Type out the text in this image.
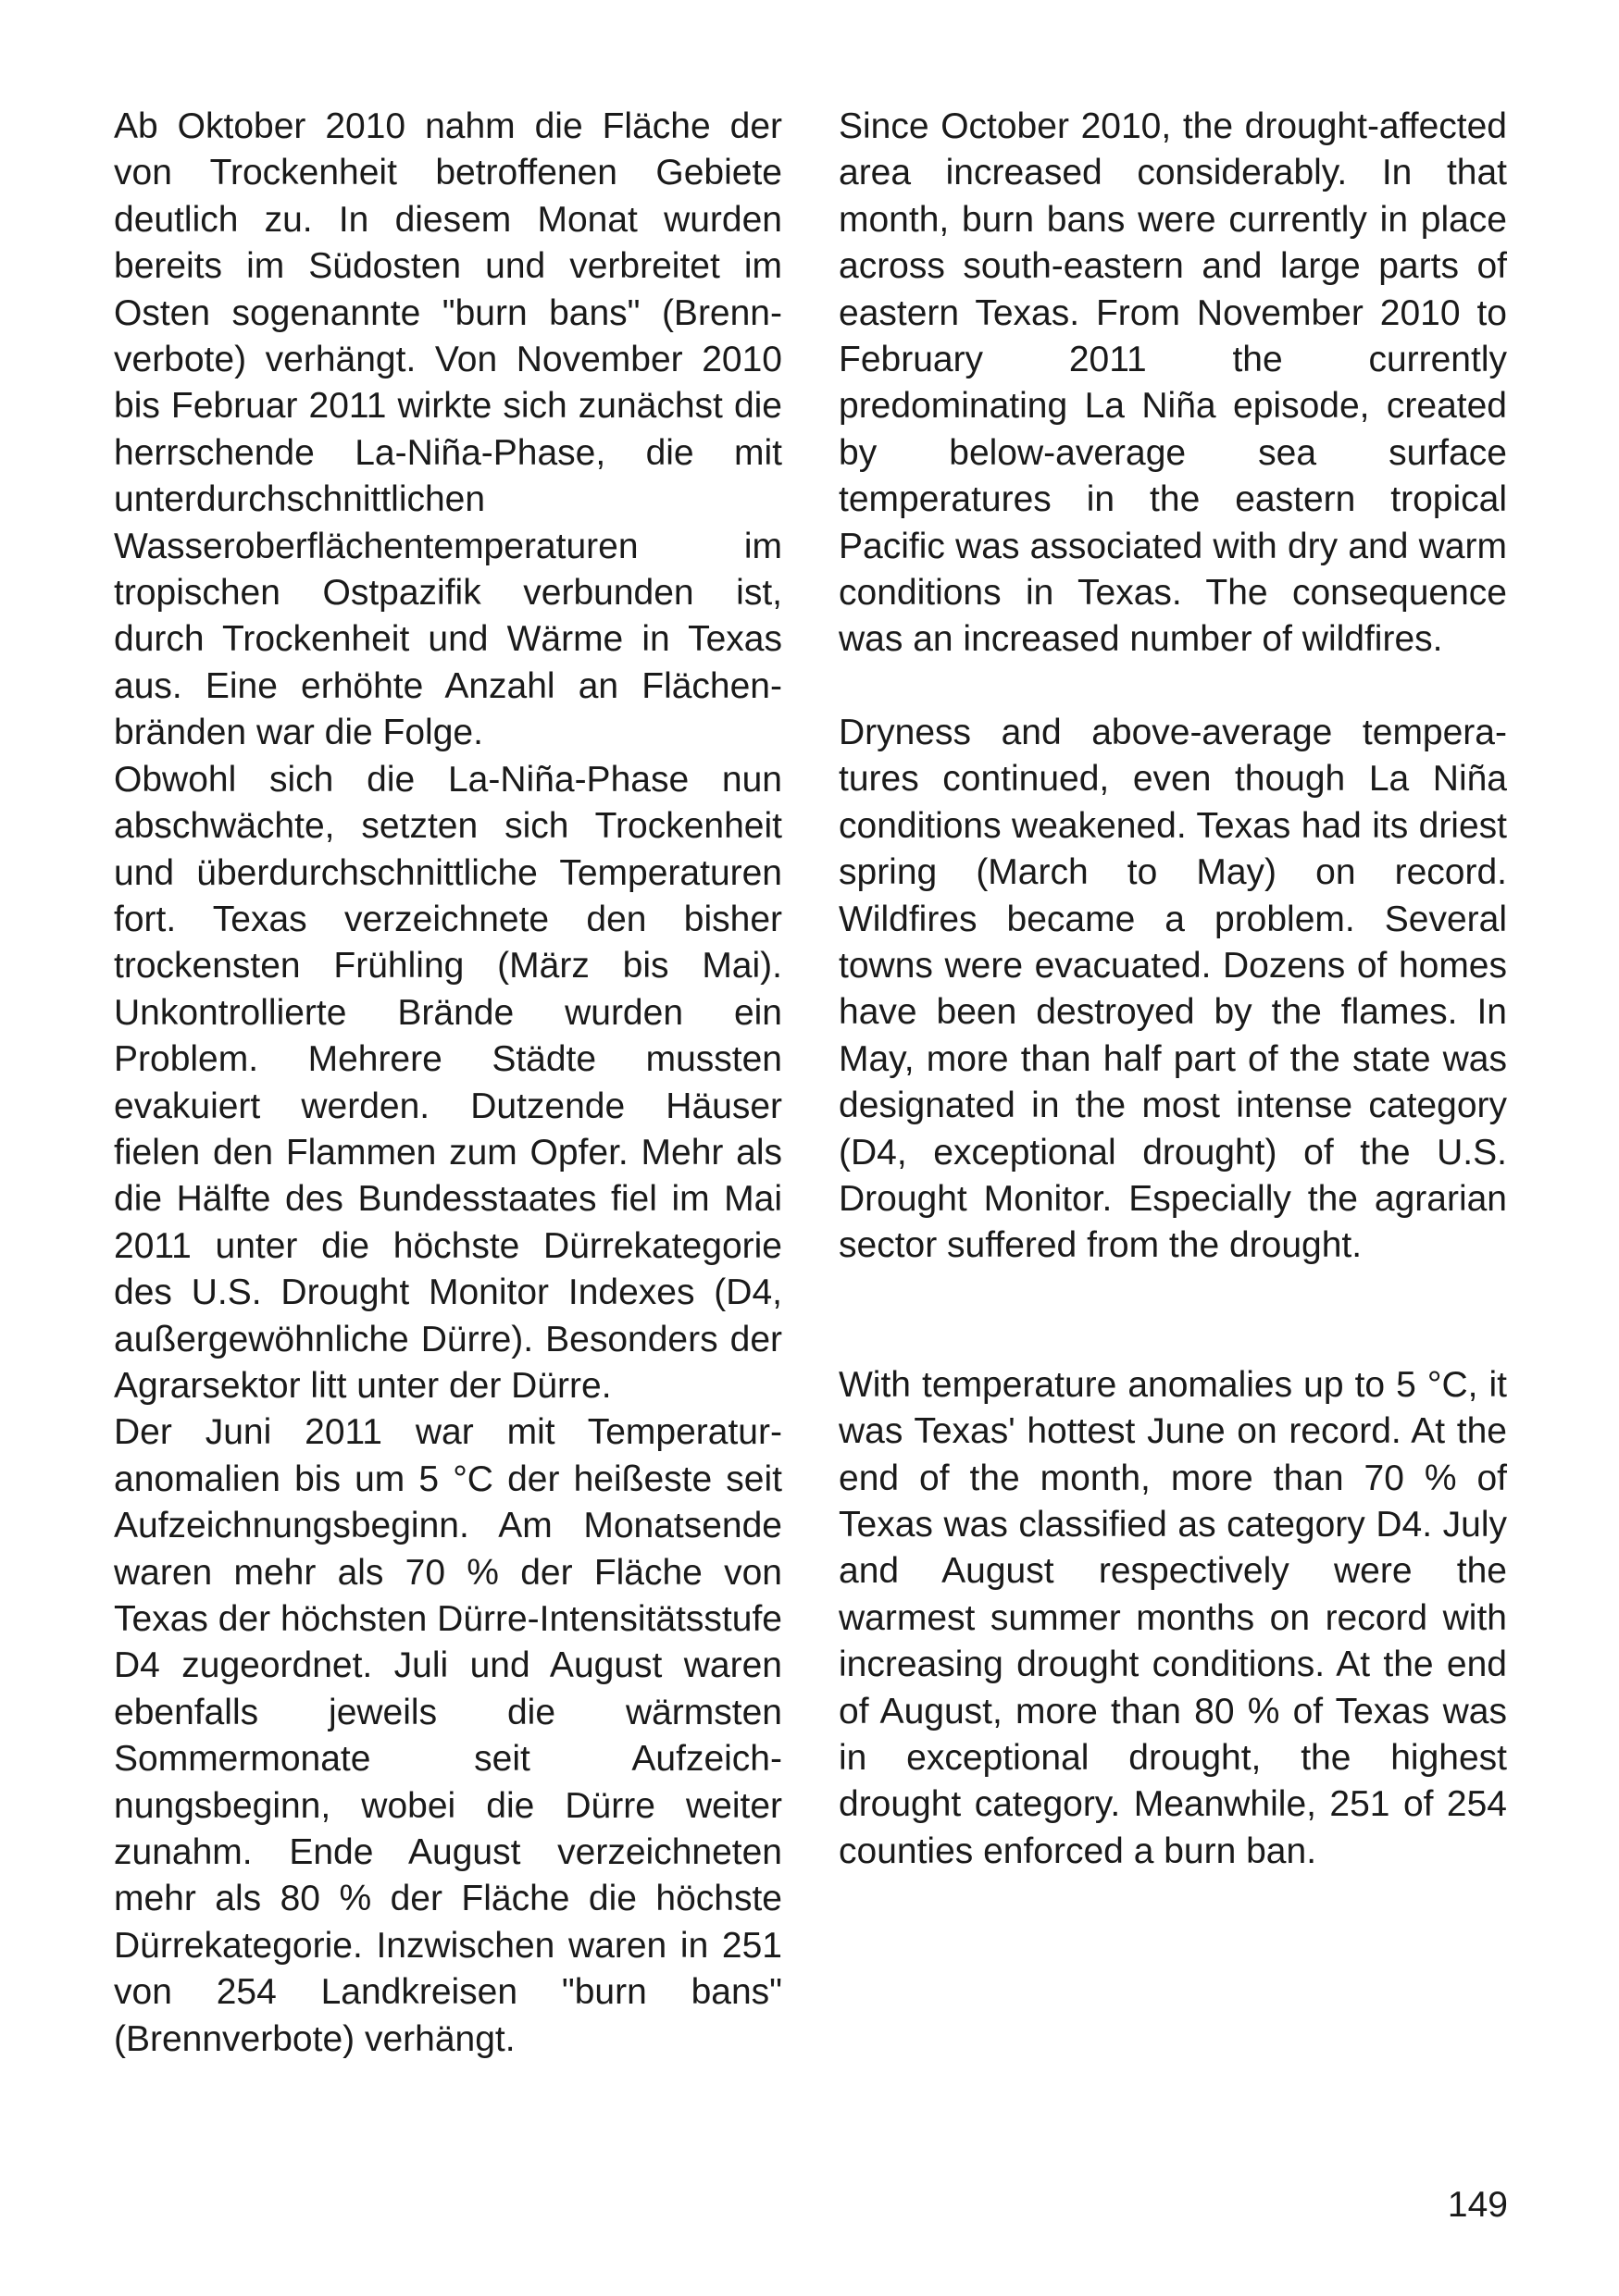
Ab Oktober 2010 nahm die Fläche der von Trockenheit betroffenen Gebiete deutlich zu. In diesem Monat wurden bereits im Südosten und verbreitet im Osten sogenannte "burn bans" (Brennverbote) verhängt. Von November 2010 bis Februar 2011 wirkte sich zunächst die herrschende La-Niña-Phase, die mit unterdurchschnittlichen Wasseroberflächentemperaturen im tropischen Ostpazifik verbunden ist, durch Trockenheit und Wärme in Texas aus. Eine erhöhte Anzahl an Flächenbränden war die Folge.

Obwohl sich die La-Niña-Phase nun abschwächte, setzten sich Trockenheit und überdurchschnittliche Temperaturen fort. Texas verzeichnete den bisher trockensten Frühling (März bis Mai). Unkontrollierte Brände wurden ein Problem. Mehrere Städte mussten evakuiert werden. Dutzende Häuser fielen den Flammen zum Opfer. Mehr als die Hälfte des Bundesstaates fiel im Mai 2011 unter die höchste Dürrekategorie des U.S. Drought Monitor Indexes (D4, außergewöhnliche Dürre). Besonders der Agrarsektor litt unter der Dürre.

Der Juni 2011 war mit Temperaturanomalien bis um 5 °C der heißeste seit Aufzeichnungsbeginn. Am Monatsende waren mehr als 70 % der Fläche von Texas der höchsten Dürre-Intensitätsstufe D4 zugeordnet. Juli und August waren ebenfalls jeweils die wärmsten Sommermonate seit Aufzeichnungsbeginn, wobei die Dürre weiter zunahm. Ende August verzeichneten mehr als 80 % der Fläche die höchste Dürrekategorie. Inzwischen waren in 251 von 254 Landkreisen "burn bans" (Brennverbote) verhängt.

Since October 2010, the drought-affected area increased considerably. In that month, burn bans were currently in place across south-eastern and large parts of eastern Texas. From November 2010 to February 2011 the currently predominating La Niña episode, created by below-average sea surface temperatures in the eastern tropical Pacific was associated with dry and warm conditions in Texas. The consequence was an increased number of wildfires.

Dryness and above-average temperatures continued, even though La Niña conditions weakened. Texas had its driest spring (March to May) on record. Wildfires became a problem. Several towns were evacuated. Dozens of homes have been destroyed by the flames. In May, more than half part of the state was designated in the most intense category (D4, exceptional drought) of the U.S. Drought Monitor. Especially the agrarian sector suffered from the drought.

With temperature anomalies up to 5 °C, it was Texas' hottest June on record. At the end of the month, more than 70 % of Texas was classified as category D4. July and August respectively were the warmest summer months on record with increasing drought conditions. At the end of August, more than 80 % of Texas was in exceptional drought, the highest drought category. Meanwhile, 251 of 254 counties enforced a burn ban.

149
